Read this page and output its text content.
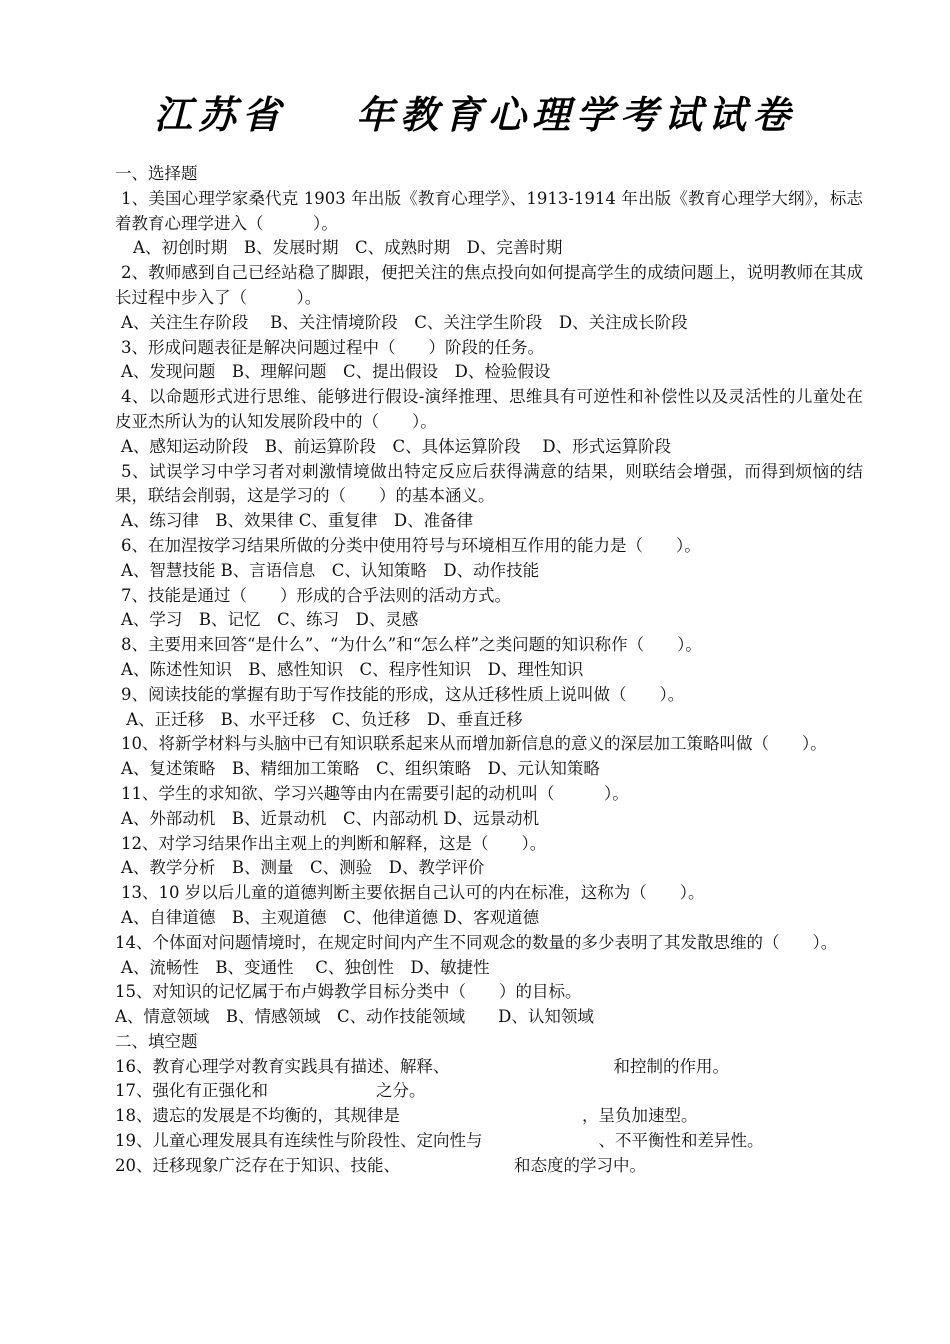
江苏省 年教育心理学考试试卷
一、选择题
1、美国心理学家桑代克 1903 年出版《教育心理学》、1913-1914 年出版《教育心理学大纲》，标志着教育心理学进入（　　　）。
A、初创时期　B、发展时期　C、成熟时期　D、完善时期
2、教师感到自己已经站稳了脚跟，便把关注的焦点投向如何提高学生的成绩问题上，说明教师在其成长过程中步入了（　　　）。
A、关注生存阶段　 B、关注情境阶段　C、关注学生阶段　D、关注成长阶段
3、形成问题表征是解决问题过程中（　　）阶段的任务。
A、发现问题　B、理解问题　C、提出假设　D、检验假设
4、以命题形式进行思维、能够进行假设-演绎推理、思维具有可逆性和补偿性以及灵活性的儿童处在皮亚杰所认为的认知发展阶段中的（　　）。
A、感知运动阶段　B、前运算阶段　C、具体运算阶段　 D、形式运算阶段
5、试误学习中学习者对刺激情境做出特定反应后获得满意的结果，则联结会增强，而得到烦恼的结果，联结会削弱，这是学习的（　　）的基本涵义。
A、练习律　B、效果律 C、重复律　D、准备律
6、在加涅按学习结果所做的分类中使用符号与环境相互作用的能力是（　　）。
A、智慧技能 B、言语信息　C、认知策略　D、动作技能
7、技能是通过（　　）形成的合乎法则的活动方式。
A、学习　B、记忆　C、练习　D、灵感
8、主要用来回答“是什么”、“为什么”和“怎么样”之类问题的知识称作（　　）。
A、陈述性知识　B、感性知识　C、程序性知识　D、理性知识
9、阅读技能的掌握有助于写作技能的形成，这从迁移性质上说叫做（　　）。
A、正迁移　B、水平迁移　C、负迁移　D、垂直迁移
10、将新学材料与头脑中已有知识联系起来从而增加新信息的意义的深层加工策略叫做（　　）。
A、复述策略　B、精细加工策略　C、组织策略　D、元认知策略
11、学生的求知欲、学习兴趣等由内在需要引起的动机叫（　　　）。
A、外部动机　B、近景动机　C、内部动机 D、远景动机
12、对学习结果作出主观上的判断和解释，这是（　　）。
A、教学分析　B、测量　C、测验　D、教学评价
13、10 岁以后儿童的道德判断主要依据自己认可的内在标准，这称为（　　）。
A、自律道德　B、主观道德　C、他律道德 D、客观道德
14、个体面对问题情境时，在规定时间内产生不同观念的数量的多少表明了其发散思维的（　　）。
A、流畅性　B、变通性　 C、独创性　D、敏捷性
15、对知识的记忆属于布卢姆教学目标分类中（　　）的目标。
A、情意领域　B、情感领域　C、动作技能领域　　D、认知领域
二、填空题
16、教育心理学对教育实践具有描述、解释、	和控制的作用。
17、强化有正强化和	之分。
18、遗忘的发展是不均衡的，其规律是	，呈负加速型。
19、儿童心理发展具有连续性与阶段性、定向性与	、不平衡性和差异性。
20、迁移现象广泛存在于知识、技能、	和态度的学习中。
